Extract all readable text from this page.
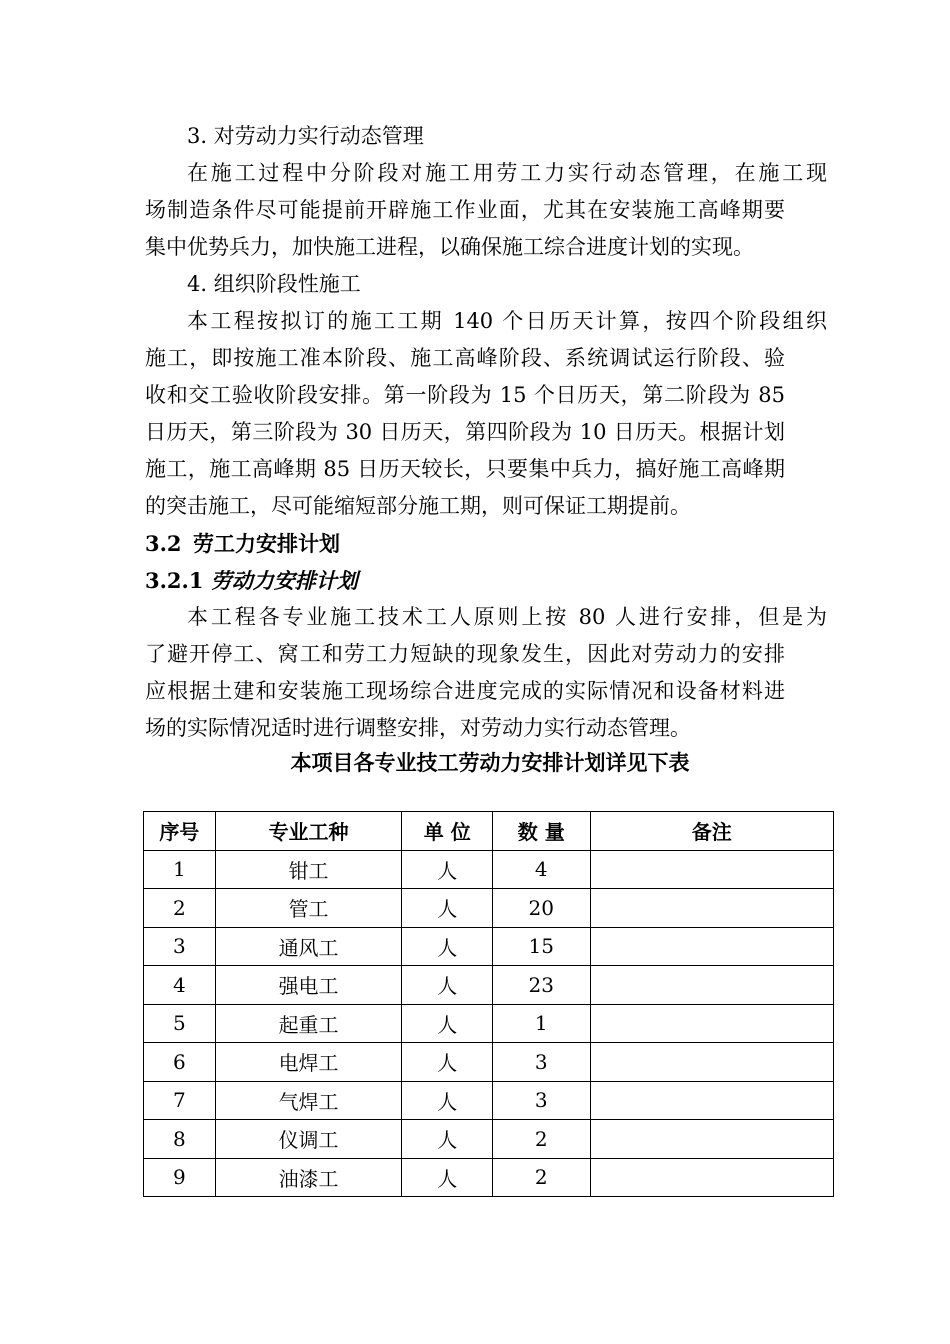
3. 对劳动力实行动态管理
在施工过程中分阶段对施工用劳工力实行动态管理，在施工现
场制造条件尽可能提前开辟施工作业面，尤其在安装施工高峰期要
集中优势兵力，加快施工进程，以确保施工综合进度计划的实现。
4. 组织阶段性施工
本工程按拟订的施工工期 140 个日历天计算，按四个阶段组织
施工，即按施工准本阶段、施工高峰阶段、系统调试运行阶段、验
收和交工验收阶段安排。第一阶段为 15 个日历天，第二阶段为 85
日历天，第三阶段为 30 日历天，第四阶段为 10 日历天。根据计划
施工，施工高峰期 85 日历天较长，只要集中兵力，搞好施工高峰期
的突击施工，尽可能缩短部分施工期，则可保证工期提前。
3.2 劳工力安排计划
3.2.1 劳动力安排计划
本工程各专业施工技术工人原则上按 80 人进行安排，但是为
了避开停工、窝工和劳工力短缺的现象发生，因此对劳动力的安排
应根据土建和安装施工现场综合进度完成的实际情况和设备材料进
场的实际情况适时进行调整安排，对劳动力实行动态管理。
本项目各专业技工劳动力安排计划详见下表
序号	专业工种	单 位	数 量	备注
1	钳工	人	4	
2	管工	人	20	
3	通风工	人	15	
4	强电工	人	23	
5	起重工	人	1	
6	电焊工	人	3	
7	气焊工	人	3	
8	仪调工	人	2	
9	油漆工	人	2	
